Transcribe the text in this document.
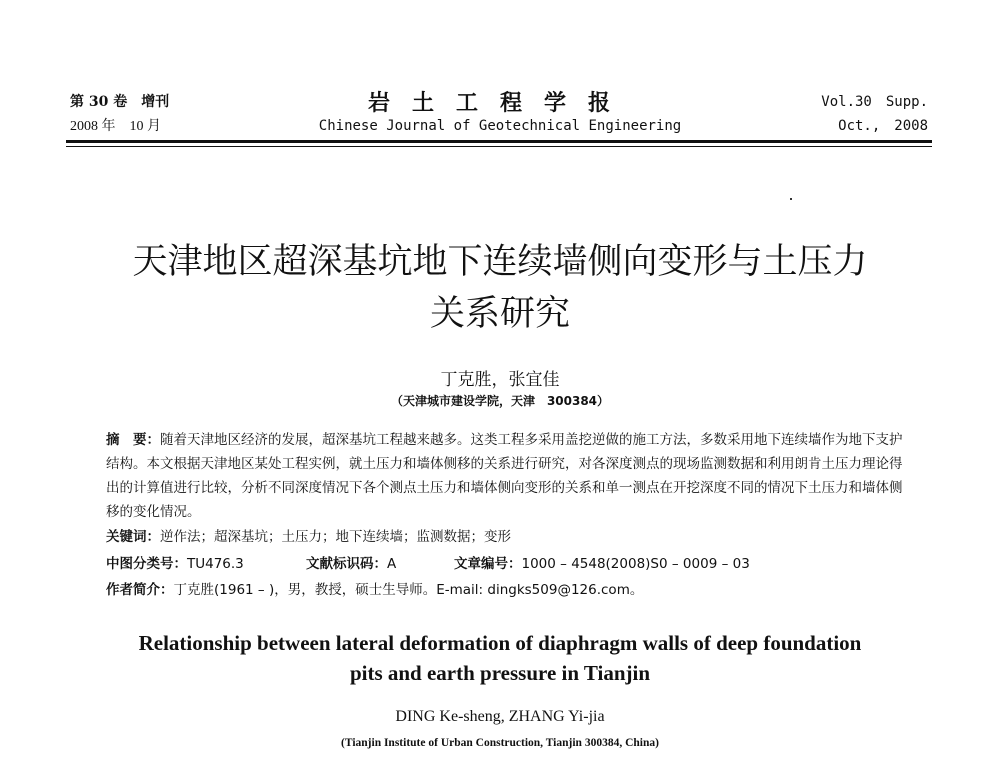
第 30 卷　增刊
2008 年　10 月
岩土工程学报
Chinese Journal of Geotechnical Engineering
Vol.30　Supp.
Oct.,　2008
天津地区超深基坑地下连续墙侧向变形与土压力
关系研究
丁克胜，张宜佳
（天津城市建设学院，天津　300384）
摘　要：随着天津地区经济的发展，超深基坑工程越来越多。这类工程多采用盖挖逆做的施工方法，多数采用地下连续墙作为地下支护结构。本文根据天津地区某处工程实例，就土压力和墙体侧移的关系进行研究，对各深度测点的现场监测数据和利用朗肯土压力理论得出的计算值进行比较，分析不同深度情况下各个测点土压力和墙体侧向变形的关系和单一测点在开挖深度不同的情况下土压力和墙体侧移的变化情况。
关键词：逆作法；超深基坑；土压力；地下连续墙；监测数据；变形
中图分类号：TU476.3	文献标识码：A	文章编号：1000 – 4548(2008)S0 – 0009 – 03
作者简介：丁克胜(1961 – )，男，教授，硕士生导师。E-mail: dingks509@126.com。
Relationship between lateral deformation of diaphragm walls of deep foundation
pits and earth pressure in Tianjin
DING Ke-sheng, ZHANG Yi-jia
(Tianjin Institute of Urban Construction, Tianjin 300384, China)
